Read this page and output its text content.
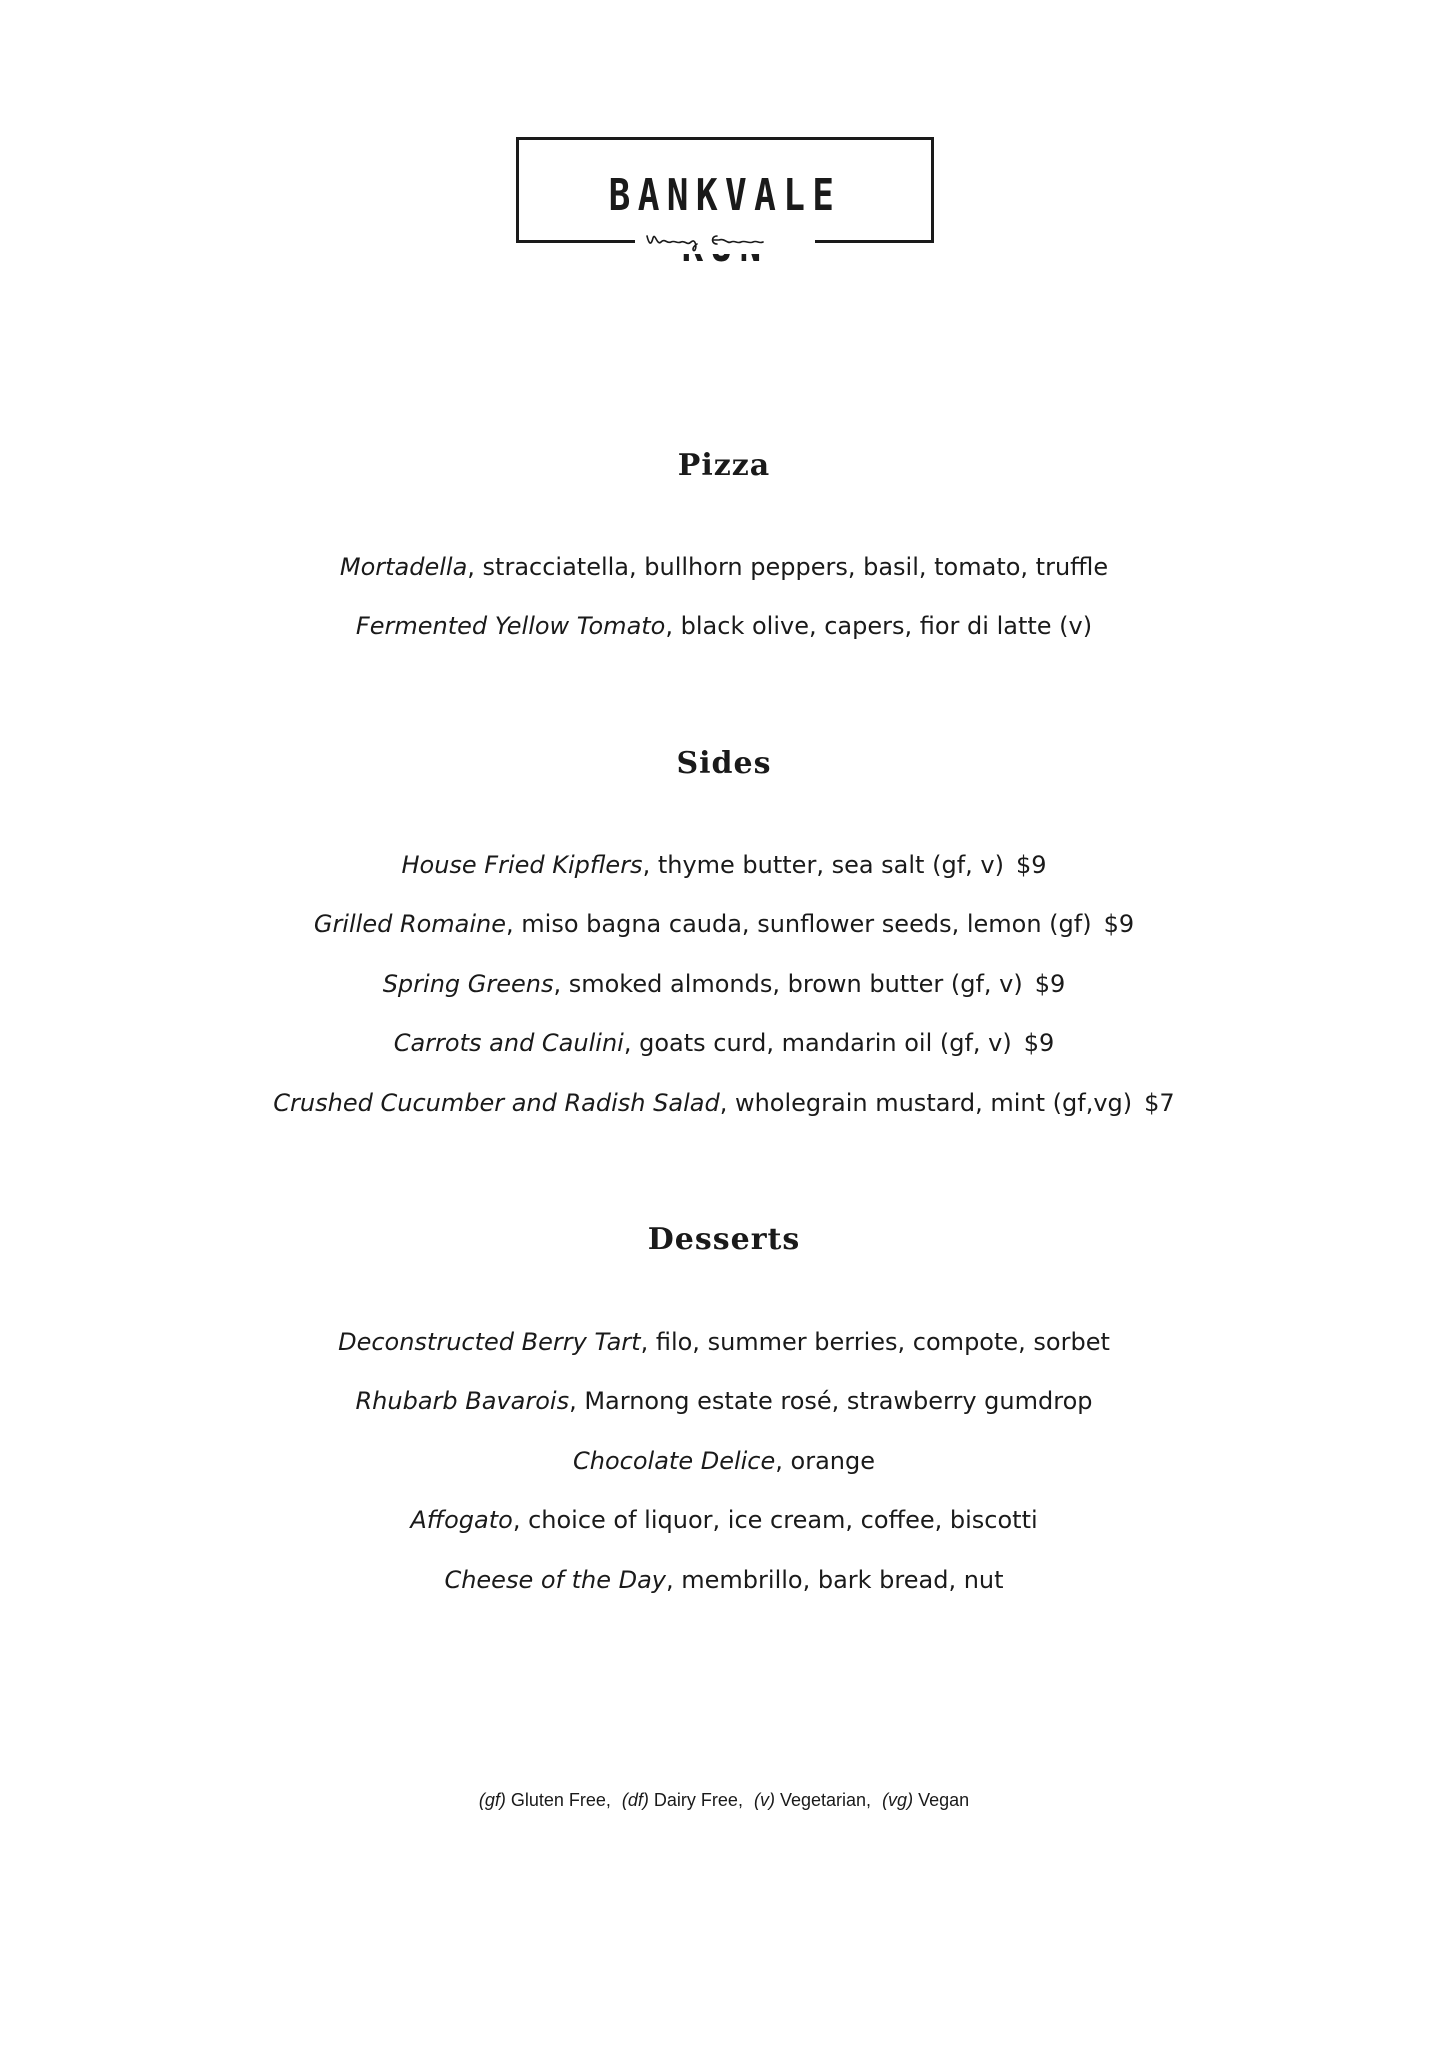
BANKVALE
Pizza
Mortadella, stracciatella, bullhorn peppers, basil, tomato, truffle
Fermented Yellow Tomato, black olive, capers, fior di latte (v)
Sides
House Fried Kipflers, thyme butter, sea salt (gf, v) $9
Grilled Romaine, miso bagna cauda, sunflower seeds, lemon (gf) $9
Spring Greens, smoked almonds, brown butter (gf, v) $9
Carrots and Caulini, goats curd, mandarin oil (gf, v) $9
Crushed Cucumber and Radish Salad, wholegrain mustard, mint (gf,vg) $7
Desserts
Deconstructed Berry Tart, filo, summer berries, compote, sorbet
Rhubarb Bavarois, Marnong estate rosé, strawberry gumdrop
Chocolate Delice, orange
Affogato, choice of liquor, ice cream, coffee, biscotti
Cheese of the Day, membrillo, bark bread, nut
(gf) Gluten Free, (df) Dairy Free, (v) Vegetarian, (vg) Vegan
